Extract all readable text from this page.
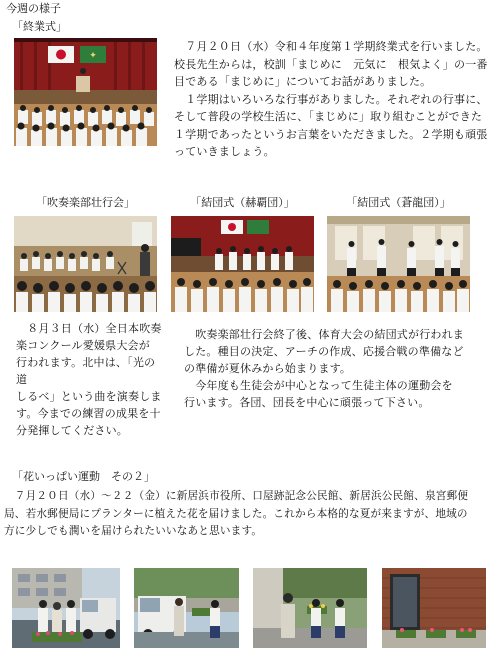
今週の様子
「終業式」
✦
　７月２０日（水）令和４年度第１学期終業式を行いました。
校長先生からは，校訓「まじめに　元気に　根気よく」の一番
目である「まじめに」についてお話がありました。
　１学期はいろいろな行事がありました。それぞれの行事に、
そして普段の学校生活に、「まじめに」取り組むことができた
１学期であったというお言葉をいただきました。２学期も頑張
っていきましょう。
「吹奏楽部壮行会」	「結団式（赫覇団）」	「結団式（蒼龍団）」
　８月３日（水）全日本吹奏
楽コンクール愛媛県大会が
行われます。北中は、「光の道
しるべ」という曲を演奏しま
す。今までの練習の成果を十
分発揮してください。
　吹奏楽部壮行会終了後、体育大会の結団式が行われま
した。種目の決定、アーチの作成、応援合戦の準備など
の準備が夏休みから始まります。
　今年度も生徒会が中心となって生徒主体の運動会を
行います。各団、団長を中心に頑張って下さい。
「花いっぱい運動　その２」
　７月２０日（水）～２２（金）に新居浜市役所、口屋跡記念公民館、新居浜公民館、泉宮郵便
局、若水郵便局にプランターに植えた花を届けました。これから本格的な夏が来ますが、地域の
方に少しでも潤いを届けられたいいなあと思います。
